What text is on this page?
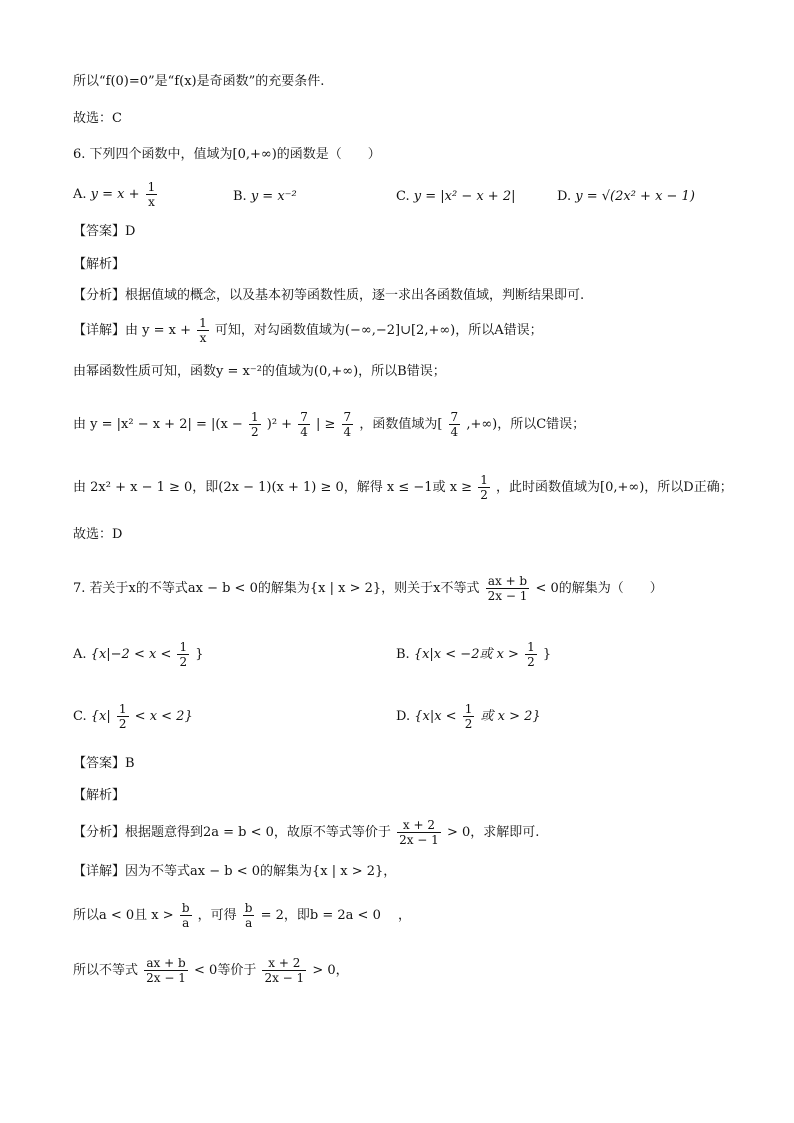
所以“f(0)=0”是“f(x)是奇函数”的充要条件.
故选：C
6. 下列四个函数中，值域为[0,+∞)的函数是（　　）
A. $y = x + \frac{1}{x}$	B. y = x⁻²	C. y = |x² − x + 2|	D. y = √(2x² + x − 1)
【答案】D
【解析】
【分析】根据值域的概念，以及基本初等函数性质，逐一求出各函数值域，判断结果即可.
【详解】由 $y = x + \frac{1}{x}$ 可知，对勾函数值域为(−∞,−2]∪[2,+∞)，所以A错误；
由幂函数性质可知，函数y = x⁻²的值域为(0,+∞)，所以B错误；
由 $y = |x^2 - x + 2| = |(x - \frac{1}{2} )^2 + \frac{7}{4}$ | ≥ $\frac{7}{4}$ ，函数值域为[ $\frac{7}{4}$ ,+∞)，所以C错误；
由 2x² + x − 1 ≥ 0，即(2x − 1)(x + 1) ≥ 0，解得 x ≤ −1或 $x \ge \frac{1}{2}$ ，此时函数值域为[0,+∞)，所以D正确；
故选：D
7. 若关于x的不等式ax − b < 0的解集为{x | x > 2}，则关于x不等式 $\frac{ax + b}{2x - 1} < 0$的解集为（　　）
A. {$x|-2 < x < \frac{1}{2}$ }	B. {x|x < −2或 $x > \frac{1}{2}$ }
C. $\{x| \frac{1}{2} < x < 2\}$	D. {$x|x < \frac{1}{2}$ 或 x > 2}
【答案】B
【解析】
【分析】根据题意得到2a = b < 0，故原不等式等价于 $\frac{x + 2}{2x - 1} > 0$，求解即可.
【详解】因为不等式ax − b < 0的解集为{x | x > 2}，
所以a < 0且 $x > \frac{b}{a}$ ，可得 $\frac{b}{a} = 2$，即b = 2a < 0　 ，
所以不等式 $\frac{ax + b}{2x - 1} < 0$等价于 $\frac{x + 2}{2x - 1} > 0$，
